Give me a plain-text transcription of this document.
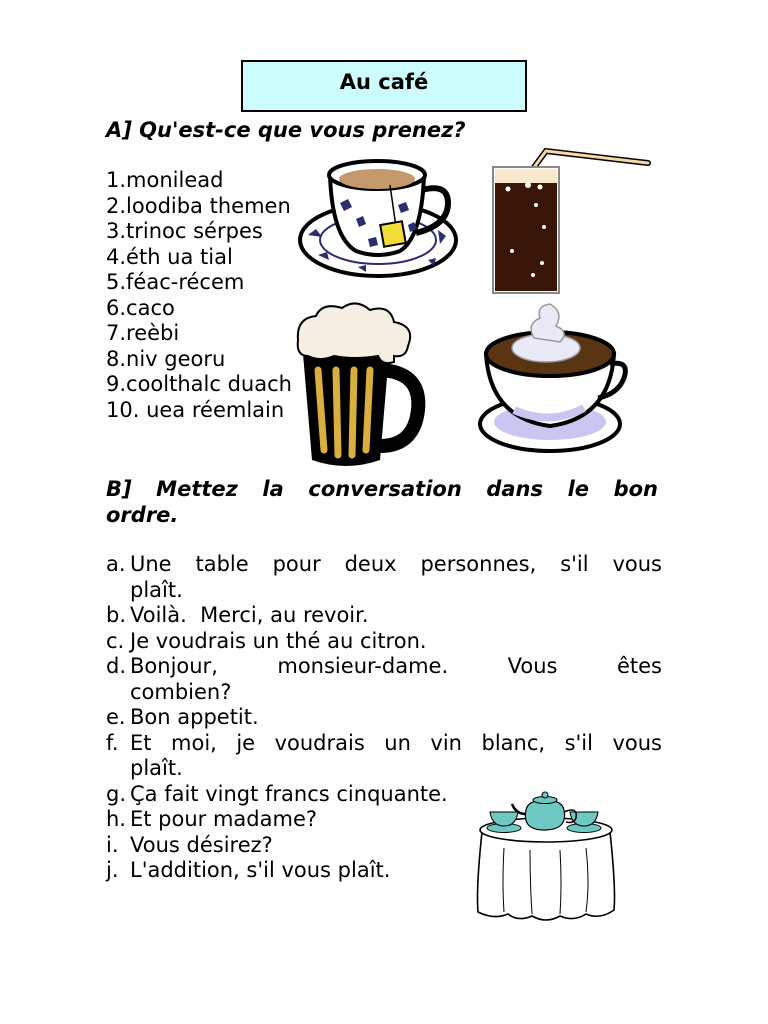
Au café
A] Qu'est-ce que vous prenez?
1.monilead
2.loodiba themen
3.trinoc sérpes
4.éth ua tial
5.féac-récem
6.caco
7.reèbi
8.niv georu
9.coolthalc duach
10. uea réemlain
B] Mettez la conversation dans le bon
ordre.
a. Une table pour deux personnes, s'il vous
plaît.
b. Voilà.  Merci, au revoir.
c. Je voudrais un thé au citron.
d. Bonjour, monsieur-dame. Vous êtes
combien?
e. Bon appetit.
f. Et moi, je voudrais un vin blanc, s'il vous
plaît.
g. Ça fait vingt francs cinquante.
h. Et pour madame?
i. Vous désirez?
j. L'addition, s'il vous plaît.
